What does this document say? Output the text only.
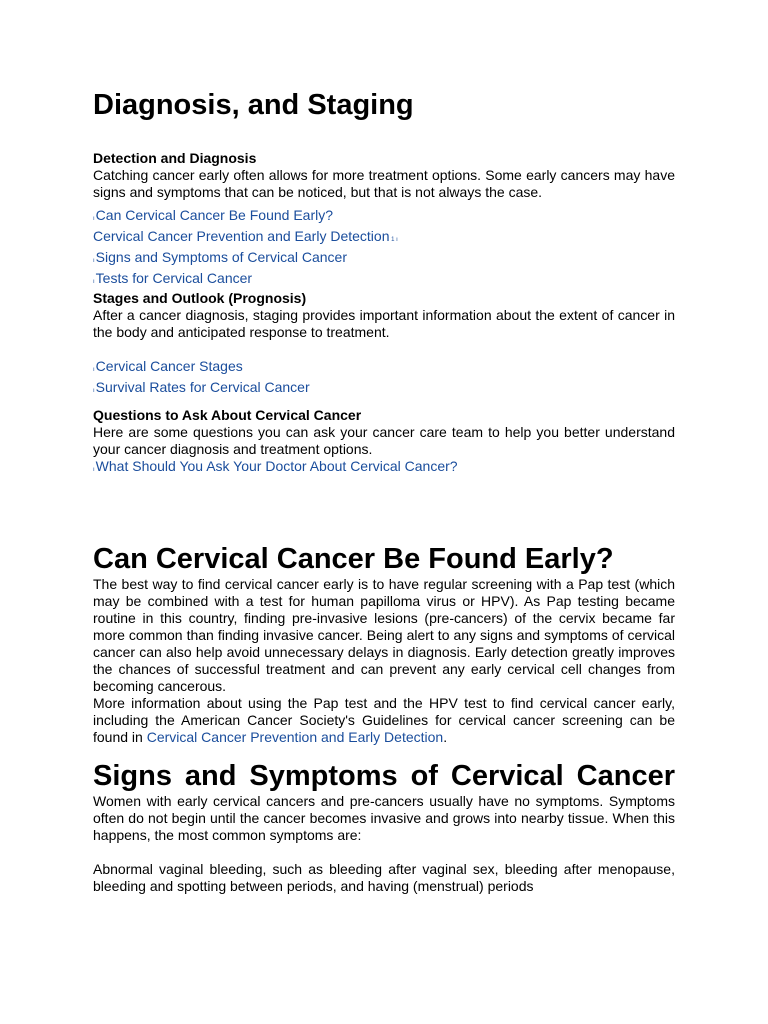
Diagnosis, and Staging
Detection and Diagnosis

Catching cancer early often allows for more treatment options. Some early cancers may have signs and symptoms that can be noticed, but that is not always the case.

ıCan Cervical Cancer Be Found Early?
Cervical Cancer Prevention and Early Detection 1 ı
ıSigns and Symptoms of Cervical Cancer
ıTests for Cervical Cancer
Stages and Outlook (Prognosis)

After a cancer diagnosis, staging provides important information about the extent of cancer in the body and anticipated response to treatment.

ıCervical Cancer Stages
ıSurvival Rates for Cervical Cancer
Questions to Ask About Cervical Cancer

Here are some questions you can ask your cancer care team to help you better understand your cancer diagnosis and treatment options.

ıWhat Should You Ask Your Doctor About Cervical Cancer?
Can Cervical Cancer Be Found Early?

The best way to find cervical cancer early is to have regular screening with a Pap test (which may be combined with a test for human papilloma virus or HPV). As Pap testing became routine in this country, finding pre-invasive lesions (pre-cancers) of the cervix became far more common than finding invasive cancer. Being alert to any signs and symptoms of cervical cancer can also help avoid unnecessary delays in diagnosis. Early detection greatly improves the chances of successful treatment and can prevent any early cervical cell changes from becoming cancerous.

More information about using the Pap test and the HPV test to find cervical cancer early, including the American Cancer Society's Guidelines for cervical cancer screening can be found in Cervical Cancer Prevention and Early Detection.

Signs and Symptoms of Cervical Cancer

Women with early cervical cancers and pre-cancers usually have no symptoms. Symptoms often do not begin until the cancer becomes invasive and grows into nearby tissue. When this happens, the most common symptoms are:

Abnormal vaginal bleeding, such as bleeding after vaginal sex, bleeding after menopause, bleeding and spotting between periods, and having (menstrual) periods
